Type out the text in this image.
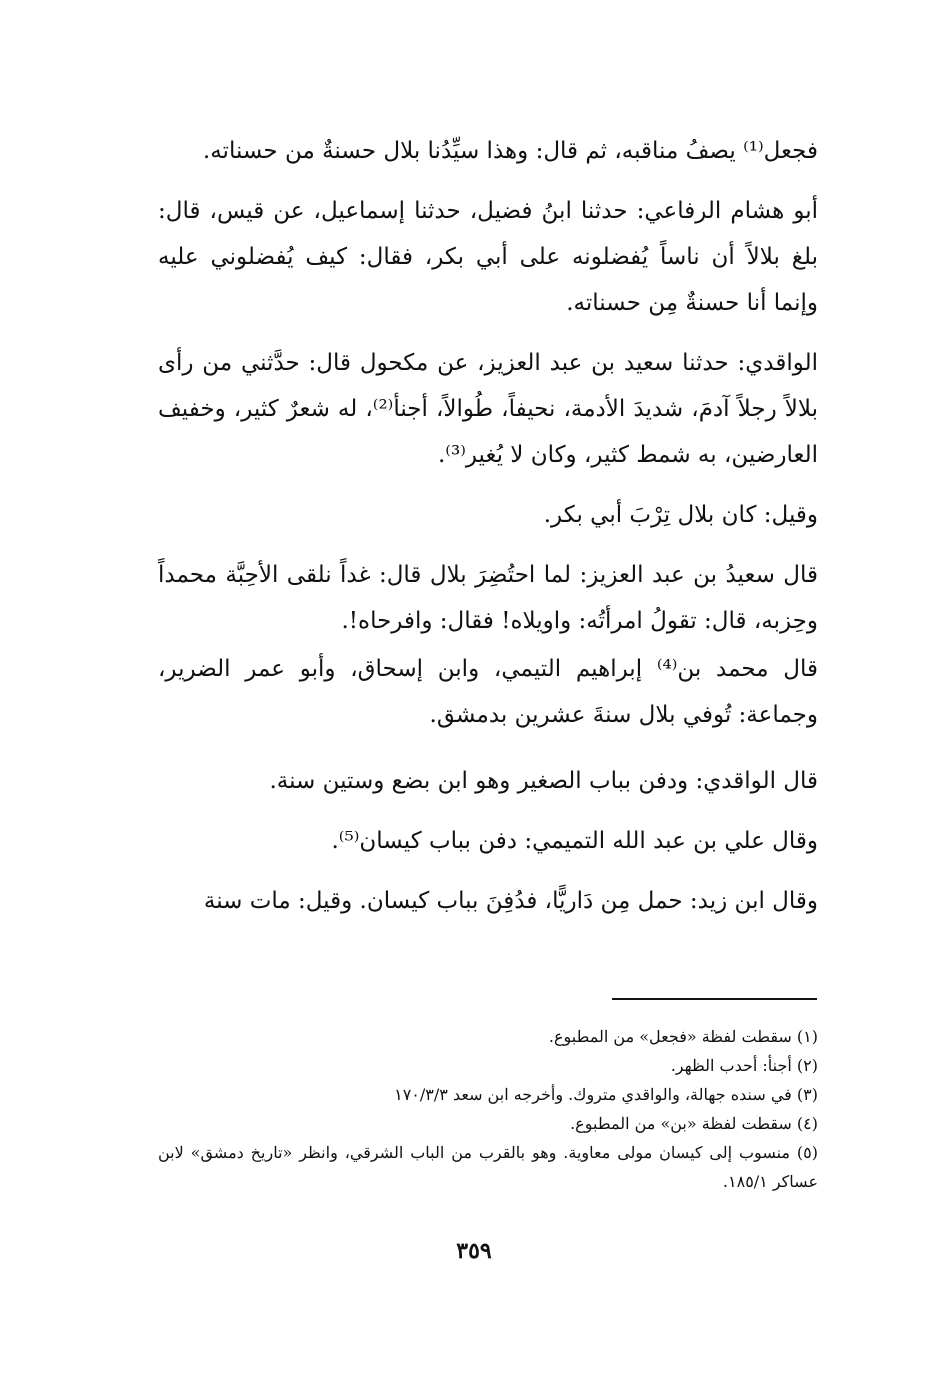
فجعل⁽¹⁾ يصفُ مناقبه، ثم قال: وهذا سيِّدُنا بلال حسنةٌ من حسناته.

أبو هشام الرفاعي: حدثنا ابنُ فضيل، حدثنا إسماعيل، عن قيس، قال: بلغ بلالاً أن ناساً يُفضلونه على أبي بكر، فقال: كيف يُفضلوني عليه وإنما أنا حسنةٌ مِن حسناته.

الواقدي: حدثنا سعيد بن عبد العزيز، عن مكحول قال: حدَّثني من رأى بلالاً رجلاً آدمَ، شديدَ الأدمة، نحيفاً، طُوالاً، أجنأ⁽²⁾، له شعرٌ كثير، وخفيف العارضين، به شمط كثير، وكان لا يُغير⁽³⁾.

وقيل: كان بلال تِرْبَ أبي بكر.

قال سعيدُ بن عبد العزيز: لما احتُضِرَ بلال قال: غداً نلقى الأحِبَّة محمداً وحِزبه، قال: تقولُ امرأتُه: واويلاه! فقال: وافرحاه!.

قال محمد بن⁽⁴⁾ إبراهيم التيمي، وابن إسحاق، وأبو عمر الضرير، وجماعة: تُوفي بلال سنةَ عشرين بدمشق.

قال الواقدي: ودفن بباب الصغير وهو ابن بضع وستين سنة.

وقال علي بن عبد الله التميمي: دفن بباب كيسان⁽⁵⁾.

وقال ابن زيد: حمل مِن دَاريًّا، فدُفِنَ بباب كيسان. وقيل: مات سنة

(١) سقطت لفظة «فجعل» من المطبوع.

(٢) أجنأ: أحدب الظهر.

(٣) في سنده جهالة، والواقدي متروك. وأخرجه ابن سعد ١٧٠/٣/٣

(٤) سقطت لفظة «بن» من المطبوع.

(٥) منسوب إلى كيسان مولى معاوية. وهو بالقرب من الباب الشرقي، وانظر «تاريخ دمشق» لابن عساكر ١٨٥/١.

٣٥٩
